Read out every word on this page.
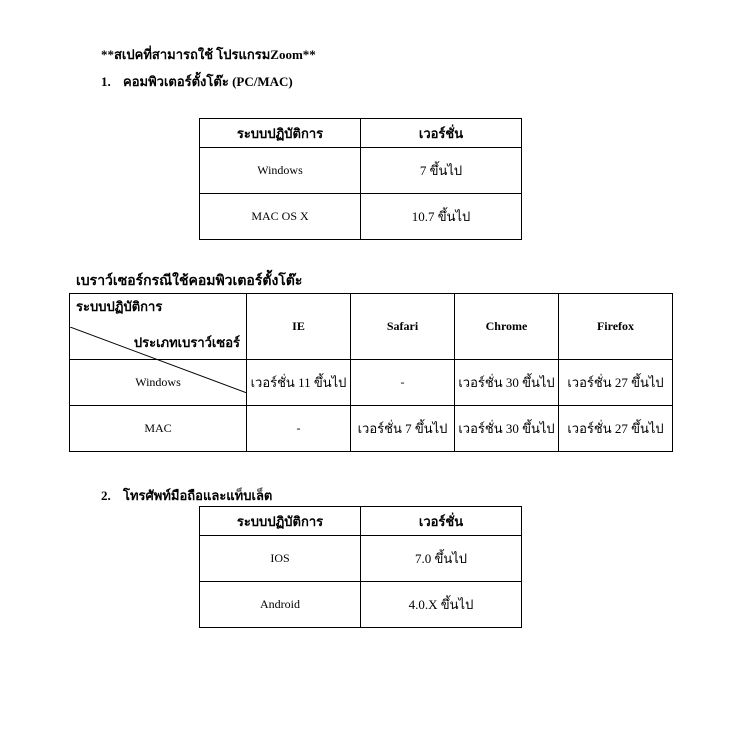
**สเปคที่สามารถใช้ โปรแกรมZoom**
1. คอมพิวเตอร์ตั้งโต๊ะ (PC/MAC)
ระบบปฏิบัติการ	เวอร์ชั่น
Windows	7 ขึ้นไป
MAC OS X	10.7 ขึ้นไป
เบราว์เซอร์กรณีใช้คอมพิวเตอร์ตั้งโต๊ะ
ประเภทเบราว์เซอร์
ระบบปฏิบัติการ	IE	Safari	Chrome	Firefox
Windows	เวอร์ชั่น 11 ขึ้นไป	-	เวอร์ชั่น 30 ขึ้นไป	เวอร์ชั่น 27 ขึ้นไป
MAC	-	เวอร์ชั่น 7 ขึ้นไป	เวอร์ชั่น 30 ขึ้นไป	เวอร์ชั่น 27 ขึ้นไป
2. โทรศัพท์มือถือและแท็บเล็ต
ระบบปฏิบัติการ	เวอร์ชั่น
IOS	7.0 ขึ้นไป
Android	4.0.X ขึ้นไป
